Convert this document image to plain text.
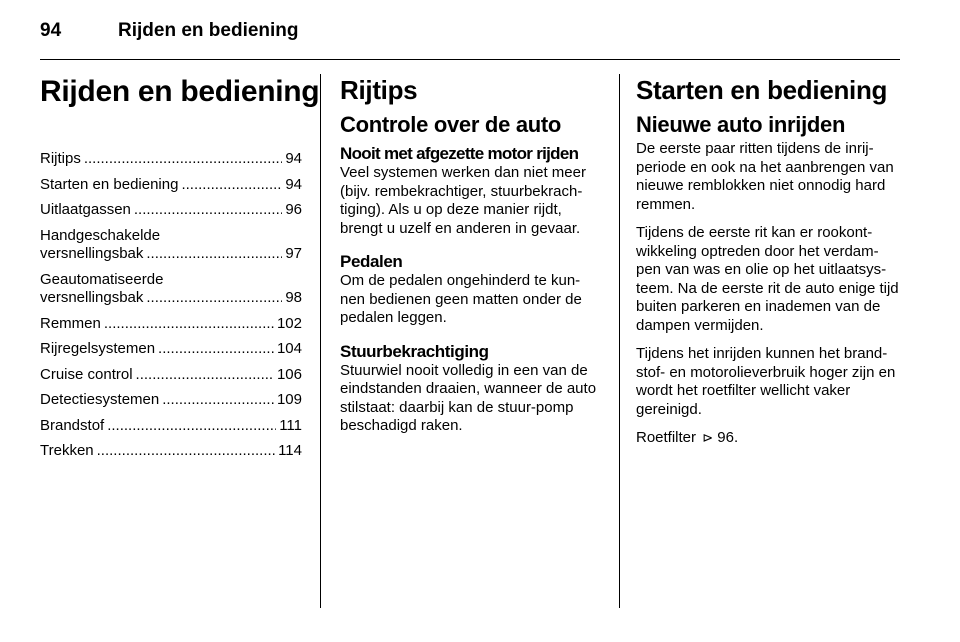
94	Rijden en bediening
Rijden en bediening
Rijtips .....	94
Starten en bediening .....	94
Uitlaatgassen .....	96
Handgeschakelde
versnellingsbak .....	97
Geautomatiseerde
versnellingsbak .....	98
Remmen .....	102
Rijregelsystemen .....	104
Cruise control .....	106
Detectiesystemen .....	109
Brandstof .....	111
Trekken .....	114
Rijtips
Controle over de auto
Nooit met afgezette motor rijden

Veel systemen werken dan niet meer (bijv. rembekrachtiger, stuurbekrach-tiging). Als u op deze manier rijdt, brengt u uzelf en anderen in gevaar.

Pedalen

Om de pedalen ongehinderd te kun-nen bedienen geen matten onder de pedalen leggen.

Stuurbekrachtiging

Stuurwiel nooit volledig in een van de eindstanden draaien, wanneer de auto stilstaat: daarbij kan de stuur-pomp beschadigd raken.

Starten en bediening
Nieuwe auto inrijden

De eerste paar ritten tijdens de inrij-periode en ook na het aanbrengen van nieuwe remblokken niet onnodig hard remmen.

Tijdens de eerste rit kan er rookont-wikkeling optreden door het verdam-pen van was en olie op het uitlaatsys-teem. Na de eerste rit de auto enige tijd buiten parkeren en inademen van de dampen vermijden.

Tijdens het inrijden kunnen het brand-stof- en motorolieverbruik hoger zijn en wordt het roetfilter wellicht vaker gereinigd.

Roetfilter ⊳ 96.
